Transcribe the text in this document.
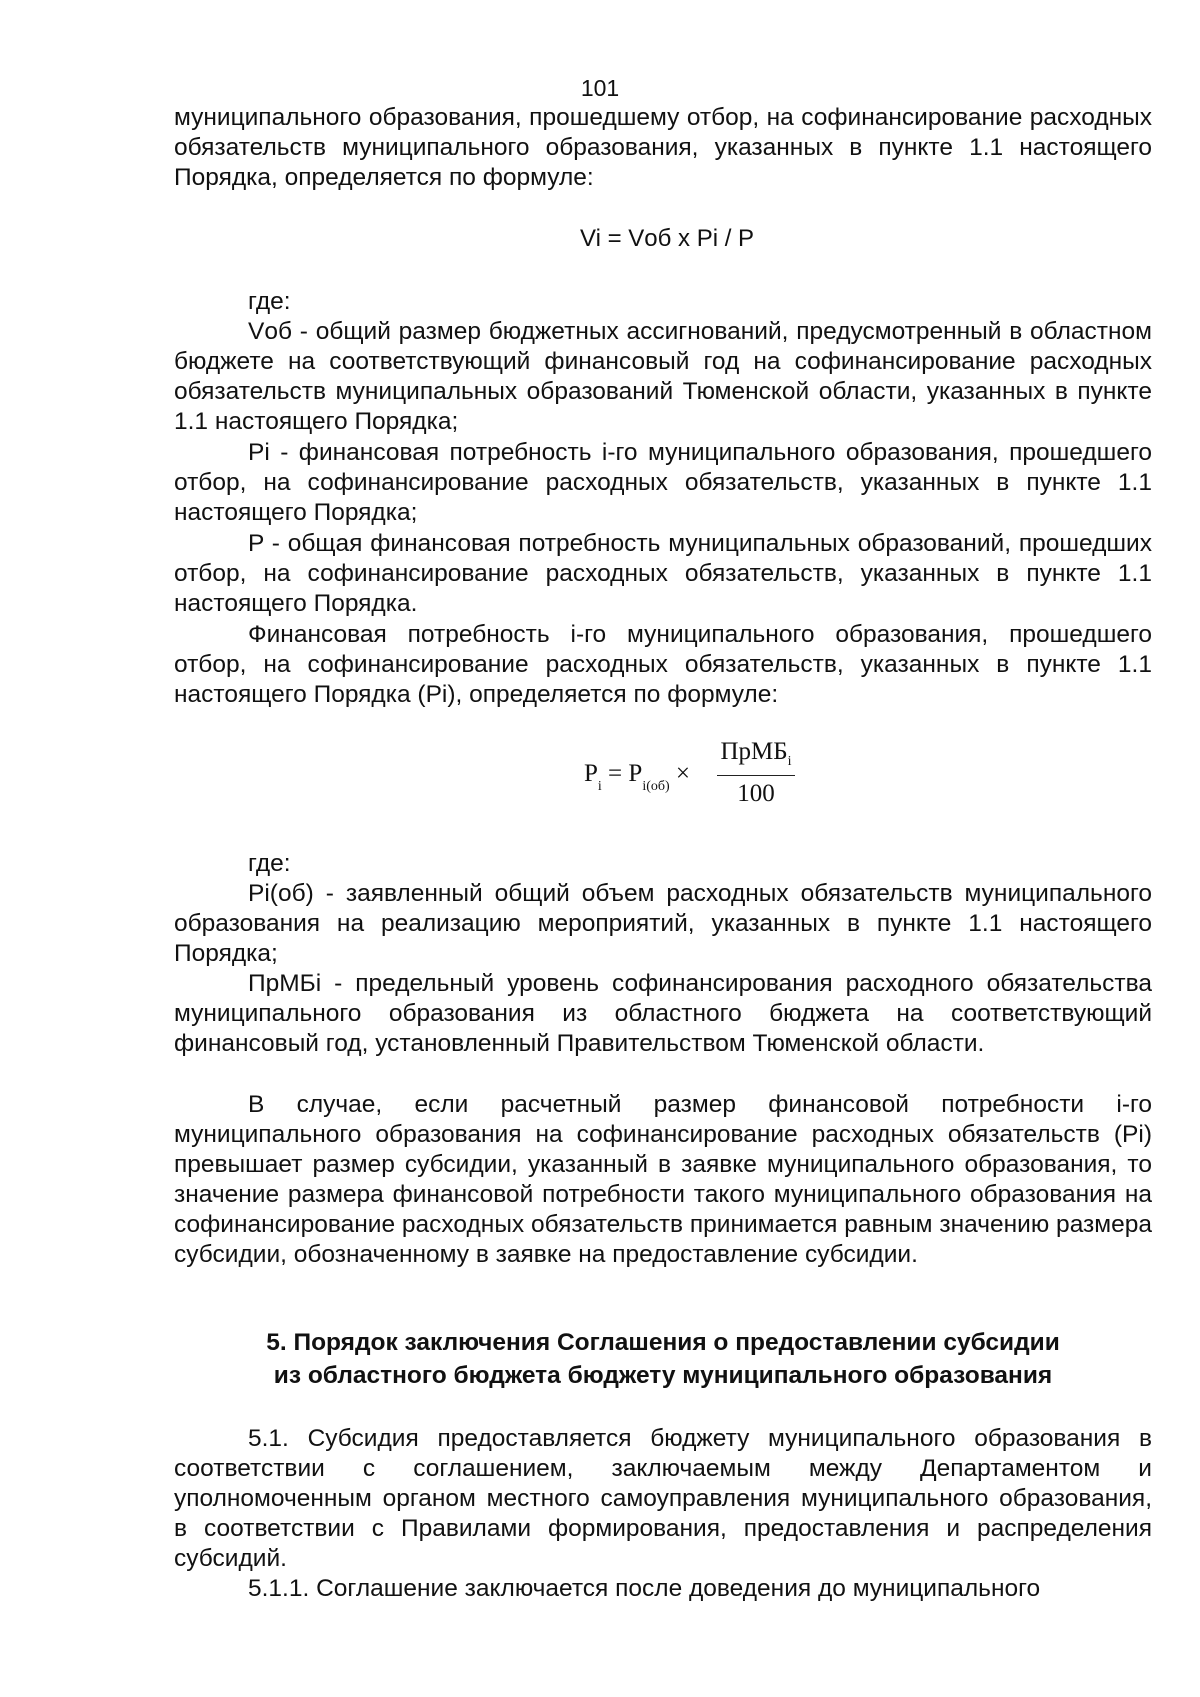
101
муниципального образования, прошедшему отбор, на софинансирование расходных обязательств муниципального образования, указанных в пункте 1.1 настоящего Порядка, определяется по формуле:
Vi = Vоб x Pi / P
где:
Vоб - общий размер бюджетных ассигнований, предусмотренный в областном бюджете на соответствующий финансовый год на софинансирование расходных обязательств муниципальных образований Тюменской области, указанных в пункте 1.1 настоящего Порядка;
Pi - финансовая потребность i-го муниципального образования, прошедшего отбор, на софинансирование расходных обязательств, указанных в пункте 1.1 настоящего Порядка;
P - общая финансовая потребность муниципальных образований, прошедших отбор, на софинансирование расходных обязательств, указанных в пункте 1.1 настоящего Порядка.
Финансовая потребность i-го муниципального образования, прошедшего отбор, на софинансирование расходных обязательств, указанных в пункте 1.1 настоящего Порядка (Pi), определяется по формуле:
$P_i = P_{i(об)}$ ×
ПрМБ$_i$
100
где:
Pi(об) - заявленный общий объем расходных обязательств муниципального образования на реализацию мероприятий, указанных в пункте 1.1 настоящего Порядка;
ПрМБi - предельный уровень софинансирования расходного обязательства муниципального образования из областного бюджета на соответствующий финансовый год, установленный Правительством Тюменской области.
В случае, если расчетный размер финансовой потребности i-го муниципального образования на софинансирование расходных обязательств (Pi) превышает размер субсидии, указанный в заявке муниципального образования, то значение размера финансовой потребности такого муниципального образования на софинансирование расходных обязательств принимается равным значению размера субсидии, обозначенному в заявке на предоставление субсидии.
5. Порядок заключения Соглашения о предоставлении субсидии
из областного бюджета бюджету муниципального образования
5.1. Субсидия предоставляется бюджету муниципального образования в соответствии с соглашением, заключаемым между Департаментом и уполномоченным органом местного самоуправления муниципального образования, в соответствии с Правилами формирования, предоставления и распределения субсидий.
5.1.1. Соглашение заключается после доведения до муниципального
